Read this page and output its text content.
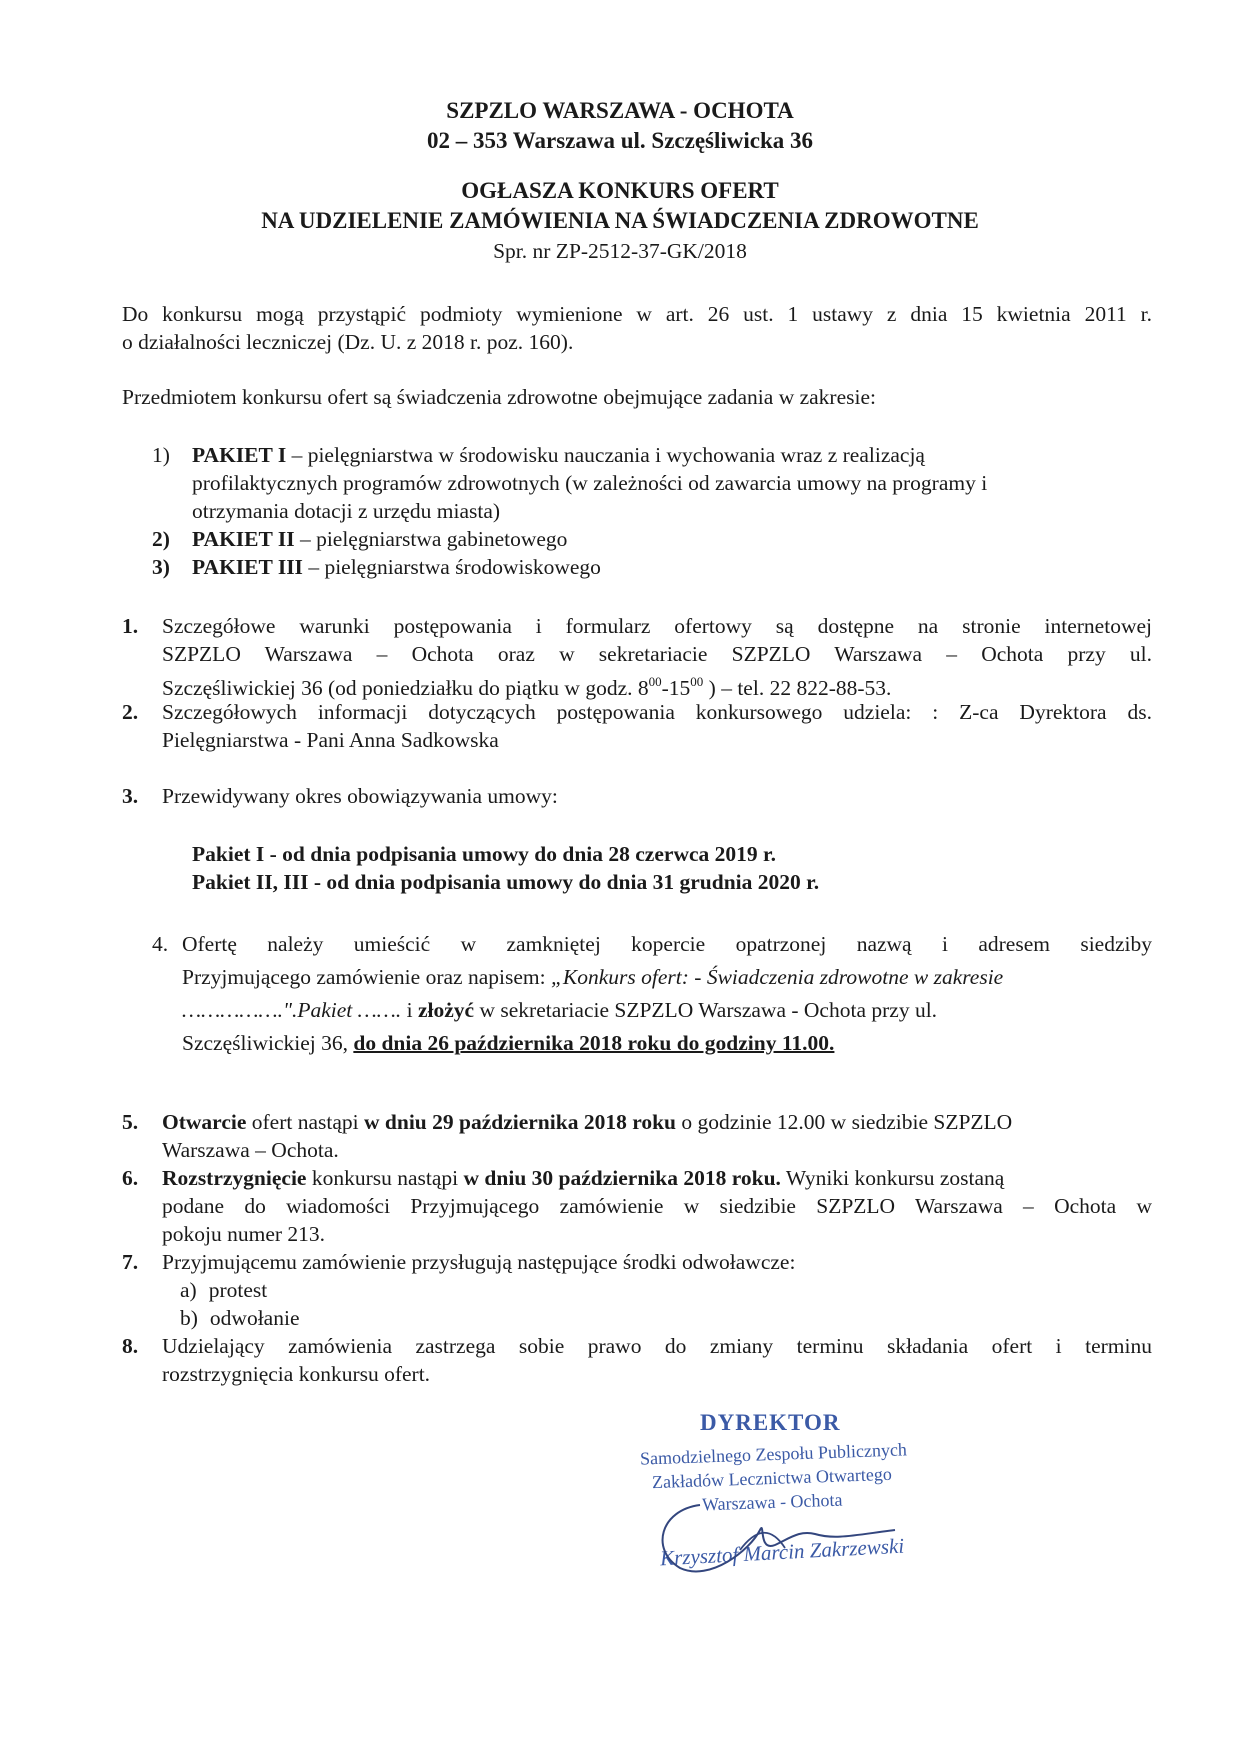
SZPZLO WARSZAWA - OCHOTA
02 – 353 Warszawa ul. Szczęśliwicka 36
OGŁASZA KONKURS OFERT
NA UDZIELENIE ZAMÓWIENIA NA ŚWIADCZENIA ZDROWOTNE
Spr. nr ZP-2512-37-GK/2018
Do konkursu mogą przystąpić podmioty wymienione w art. 26 ust. 1 ustawy z dnia 15 kwietnia 2011 r.
o działalności leczniczej (Dz. U. z 2018 r. poz. 160).
Przedmiotem konkursu ofert są świadczenia zdrowotne obejmujące zadania w zakresie:
1) PAKIET I – pielęgniarstwa w środowisku nauczania i wychowania wraz z realizacją
profilaktycznych programów zdrowotnych (w zależności od zawarcia umowy na programy i
otrzymania dotacji z urzędu miasta)
2) PAKIET II – pielęgniarstwa gabinetowego
3) PAKIET III – pielęgniarstwa środowiskowego
1. Szczegółowe warunki postępowania i formularz ofertowy są dostępne na stronie internetowej
SZPZLO Warszawa – Ochota oraz w sekretariacie SZPZLO Warszawa – Ochota przy ul.
Szczęśliwickiej 36 (od poniedziałku do piątku w godz. $8^{00}-15^{00}$ ) – tel. 22 822-88-53.
2. Szczegółowych informacji dotyczących postępowania konkursowego udziela: : Z-ca Dyrektora ds.
Pielęgniarstwa - Pani Anna Sadkowska
3. Przewidywany okres obowiązywania umowy:
Pakiet I - od dnia podpisania umowy do dnia 28 czerwca 2019 r.
Pakiet II, III - od dnia podpisania umowy do dnia 31 grudnia 2020 r.
4. Ofertę należy umieścić w zamkniętej kopercie opatrzonej nazwą i adresem siedziby
Przyjmującego zamówienie oraz napisem: „Konkurs ofert: - Świadczenia zdrowotne w zakresie
…………….".Pakiet ……. i złożyć w sekretariacie SZPZLO Warszawa - Ochota przy ul.
Szczęśliwickiej 36, do dnia 26 października 2018 roku do godziny 11.00.
5. Otwarcie ofert nastąpi w dniu 29 października 2018 roku o godzinie 12.00 w siedzibie SZPZLO
Warszawa – Ochota.
6. Rozstrzygnięcie konkursu nastąpi w dniu 30 października 2018 roku. Wyniki konkursu zostaną
podane do wiadomości Przyjmującego zamówienie w siedzibie SZPZLO Warszawa – Ochota w
pokoju numer 213.
7. Przyjmującemu zamówienie przysługują następujące środki odwoławcze:
a) protest
b) odwołanie
8. Udzielający zamówienia zastrzega sobie prawo do zmiany terminu składania ofert i terminu
rozstrzygnięcia konkursu ofert.
DYREKTOR
Samodzielnego Zespołu Publicznych
Zakładów Lecznictwa Otwartego
Warszawa - Ochota
Krzysztof Marcin Zakrzewski
